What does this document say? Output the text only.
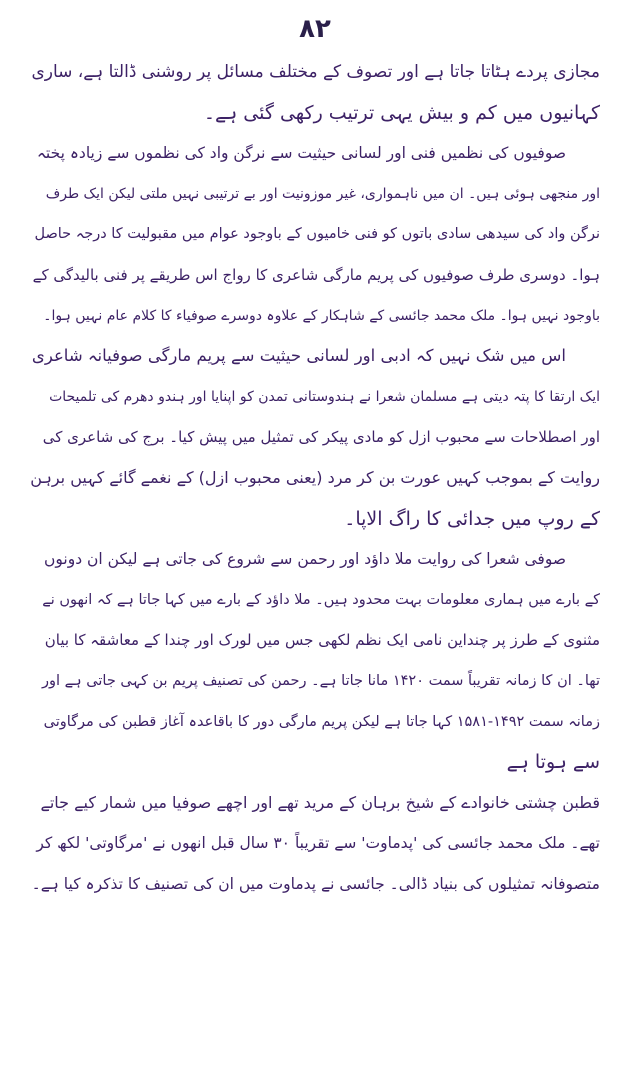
۸۲
مجازی پردے ہٹاتا جاتا ہے اور تصوف کے مختلف مسائل پر روشنی ڈالتا ہے، ساری
کہانیوں میں کم و بیش یہی ترتیب رکھی گئی ہے۔
صوفیوں کی نظمیں فنی اور لسانی حیثیت سے نرگن واد کی نظموں سے زیادہ پختہ
اور منجھی ہوئی ہیں۔ ان میں ناہمواری، غیر موزونیت اور بے ترتیبی نہیں ملتی لیکن ایک طرف
نرگن واد کی سیدھی سادی باتوں کو فنی خامیوں کے باوجود عوام میں مقبولیت کا درجہ حاصل
ہوا۔ دوسری طرف صوفیوں کی پریم مارگی شاعری کا رواج اس طریقے پر فنی بالیدگی کے
باوجود نہیں ہوا۔ ملک محمد جائسی کے شاہکار کے علاوہ دوسرے صوفیاء کا کلام عام نہیں ہوا۔
اس میں شک نہیں کہ ادبی اور لسانی حیثیت سے پریم مارگی صوفیانہ شاعری
ایک ارتقا کا پتہ دیتی ہے مسلمان شعرا نے ہندوستانی تمدن کو اپنایا اور ہندو دھرم کی تلمیحات
اور اصطلاحات سے محبوب ازل کو مادی پیکر کی تمثیل میں پیش کیا۔ برج کی شاعری کی
روایت کے بموجب کہیں عورت بن کر مرد (یعنی محبوب ازل) کے نغمے گائے کہیں برہن
کے روپ میں جدائی کا راگ الاپا۔
صوفی شعرا کی روایت ملا داؤد اور رحمن سے شروع کی جاتی ہے لیکن ان دونوں
کے بارے میں ہماری معلومات بہت محدود ہیں۔ ملا داؤد کے بارے میں کہا جاتا ہے کہ انھوں نے
مثنوی کے طرز پر چنداین نامی ایک نظم لکھی جس میں لورک اور چندا کے معاشقہ کا بیان
تھا۔ ان کا زمانہ تقریباً سمت ۱۴۲۰ مانا جاتا ہے۔ رحمن کی تصنیف پریم بن کہی جاتی ہے اور
زمانہ سمت ۱۴۹۲-۱۵۸۱ کہا جاتا ہے لیکن پریم مارگی دور کا باقاعدہ آغاز قطبن کی مرگاوتی
سے ہوتا ہے
قطبن چشتی خانوادے کے شیخ برہان کے مرید تھے اور اچھے صوفیا میں شمار کیے جاتے
تھے۔ ملک محمد جائسی کی 'پدماوت' سے تقریباً ۳۰ سال قبل انھوں نے 'مرگاوتی' لکھ کر
متصوفانہ تمثیلوں کی بنیاد ڈالی۔ جائسی نے پدماوت میں ان کی تصنیف کا تذکرہ کیا ہے۔
